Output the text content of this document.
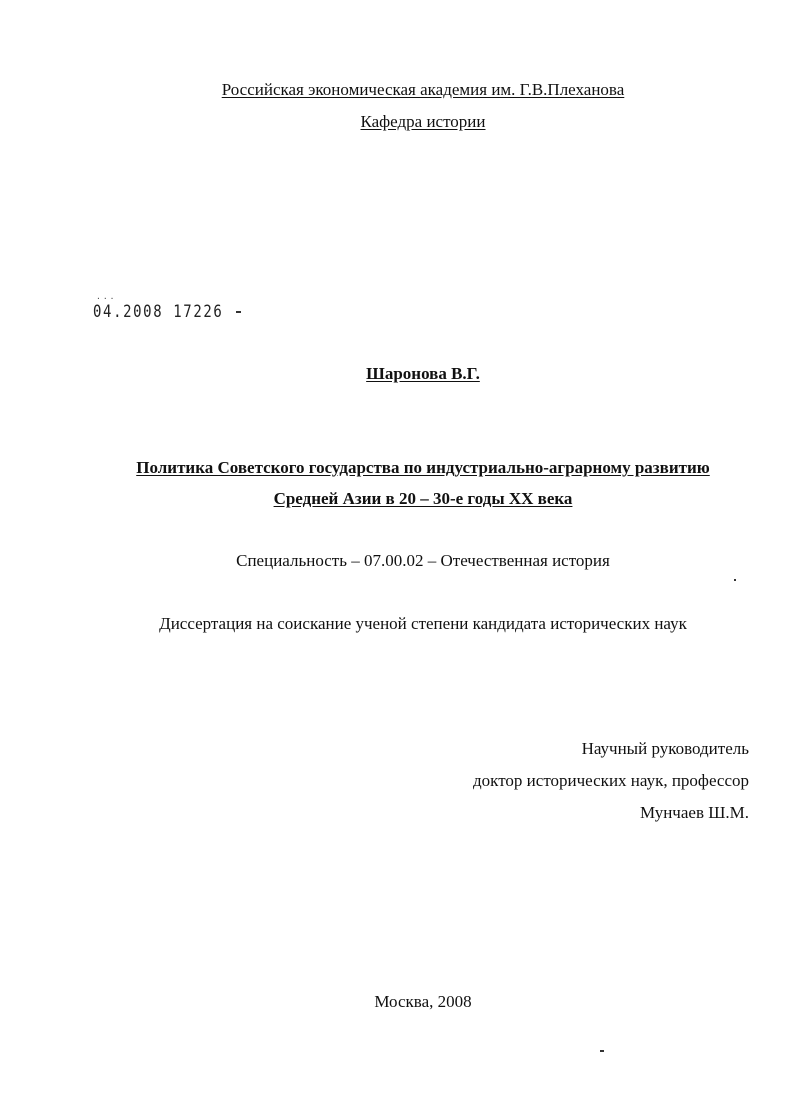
Российская экономическая академия им. Г.В.Плеханова
Кафедра истории
...
04.2008 17226
Шаронова В.Г.
Политика Советского государства по индустриально-аграрному развитию
Средней Азии в 20 – 30-е годы XX века
Специальность – 07.00.02 – Отечественная история
Диссертация на соискание ученой степени кандидата исторических наук
Научный руководитель
доктор исторических наук, профессор
Мунчаев Ш.М.
Москва, 2008
